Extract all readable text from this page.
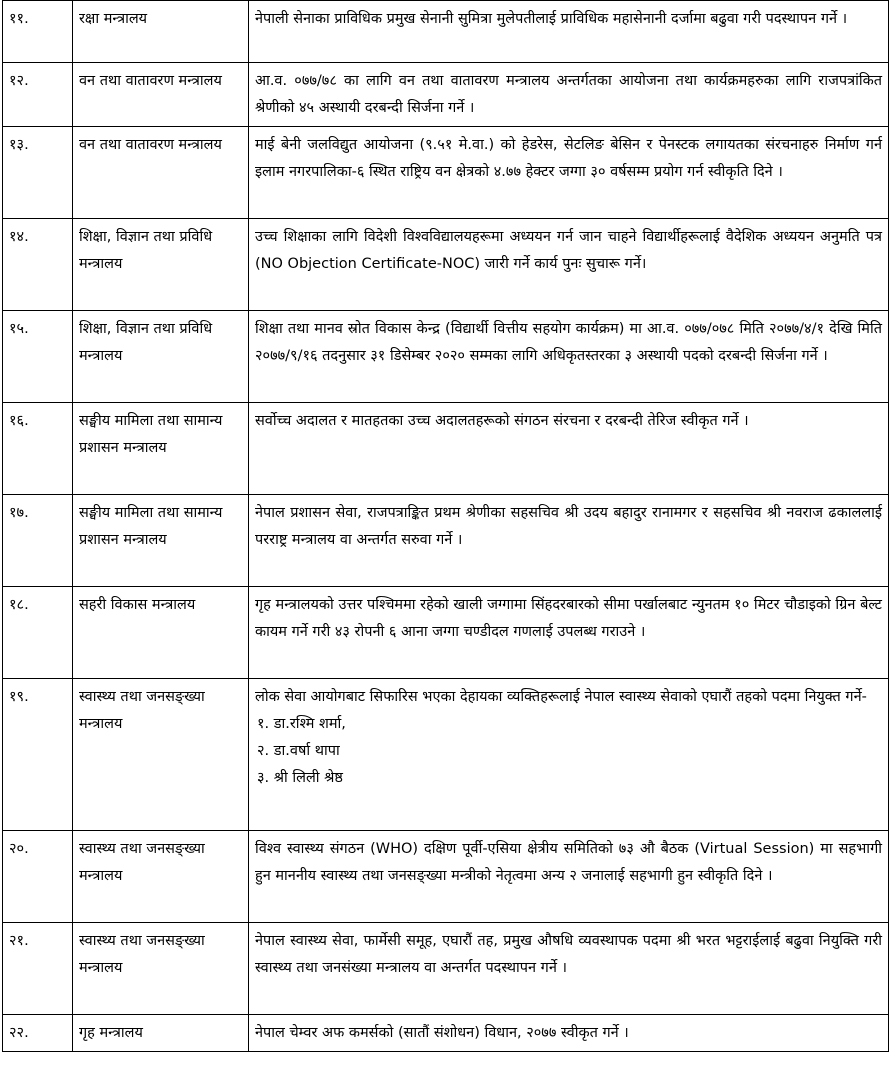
११.	रक्षा मन्त्रालय	नेपाली सेनाका प्राविधिक प्रमुख सेनानी सुमित्रा मुलेपतीलाई प्राविधिक महासेनानी दर्जामा बढुवा गरी पदस्थापन गर्ने ।
१२.	वन तथा वातावरण मन्त्रालय	आ.व. ०७७/७८ का लागि वन तथा वातावरण मन्त्रालय अन्तर्गतका आयोजना तथा कार्यक्रमहरुका लागि राजपत्रांकित श्रेणीको ४५ अस्थायी दरबन्दी सिर्जना गर्ने ।
१३.	वन तथा वातावरण मन्त्रालय	माई बेनी जलविद्युत आयोजना (९.५१ मे.वा.) को हेडरेस, सेटलिङ बेसिन र पेनस्टक लगायतका संरचनाहरु निर्माण गर्न इलाम नगरपालिका-६ स्थित राष्ट्रिय वन क्षेत्रको ४.७७ हेक्टर जग्गा ३० वर्षसम्म प्रयोग गर्न स्वीकृति दिने ।
१४.	शिक्षा, विज्ञान तथा प्रविधि मन्त्रालय	उच्च शिक्षाका लागि विदेशी विश्वविद्यालयहरूमा अध्ययन गर्न जान चाहने विद्यार्थीहरूलाई वैदेशिक अध्ययन अनुमति पत्र (NO Objection Certificate-NOC) जारी गर्ने कार्य पुनः सुचारू गर्ने।
१५.	शिक्षा, विज्ञान तथा प्रविधि मन्त्रालय	शिक्षा तथा मानव स्रोत विकास केन्द्र (विद्यार्थी वित्तीय सहयोग कार्यक्रम) मा आ.व. ०७७/०७८ मिति २०७७/४/१ देखि मिति २०७७/९/१६ तदनुसार ३१ डिसेम्बर २०२० सम्मका लागि अधिकृतस्तरका ३ अस्थायी पदको दरबन्दी सिर्जना गर्ने ।
१६.	सङ्घीय मामिला तथा सामान्य प्रशासन मन्त्रालय	सर्वोच्च अदालत र मातहतका उच्च अदालतहरूको संगठन संरचना र दरबन्दी तेरिज स्वीकृत गर्ने ।
१७.	सङ्घीय मामिला तथा सामान्य प्रशासन मन्त्रालय	नेपाल प्रशासन सेवा, राजपत्राङ्कित प्रथम श्रेणीका सहसचिव श्री उदय बहादुर रानामगर र सहसचिव श्री नवराज ढकाललाई परराष्ट्र मन्त्रालय वा अन्तर्गत सरुवा गर्ने ।
१८.	सहरी विकास मन्त्रालय	गृह मन्त्रालयको उत्तर पश्चिममा रहेको खाली जग्गामा सिंहदरबारको सीमा पर्खालबाट न्युनतम १० मिटर चौडाइको ग्रिन बेल्ट कायम गर्ने गरी ४३ रोपनी ६ आना जग्गा चण्डीदल गणलाई उपलब्ध गराउने ।
१९.	स्वास्थ्य तथा जनसङ्ख्या मन्त्रालय	लोक सेवा आयोगबाट सिफारिस भएका देहायका व्यक्तिहरूलाई नेपाल स्वास्थ्य सेवाको एघारौं तहको पदमा नियुक्त गर्ने-
१. डा.रश्मि शर्मा,
२. डा.वर्षा थापा
३. श्री लिली श्रेष्ठ

२०.	स्वास्थ्य तथा जनसङ्ख्या मन्त्रालय	विश्व स्वास्थ्य संगठन (WHO) दक्षिण पूर्वी-एसिया क्षेत्रीय समितिको ७३ औ बैठक (Virtual Session) मा सहभागी हुन माननीय स्वास्थ्य तथा जनसङ्ख्या मन्त्रीको नेतृत्वमा अन्य २ जनालाई सहभागी हुन स्वीकृति दिने ।
२१.	स्वास्थ्य तथा जनसङ्ख्या मन्त्रालय	नेपाल स्वास्थ्य सेवा, फार्मेसी समूह, एघारौं तह, प्रमुख औषधि व्यवस्थापक पदमा श्री भरत भट्टराईलाई बढुवा नियुक्ति गरी स्वास्थ्य तथा जनसंख्या मन्त्रालय वा अन्तर्गत पदस्थापन गर्ने ।
२२.	गृह मन्त्रालय	नेपाल चेम्वर अफ कमर्सको (सातौं संशोधन) विधान, २०७७ स्वीकृत गर्ने ।
